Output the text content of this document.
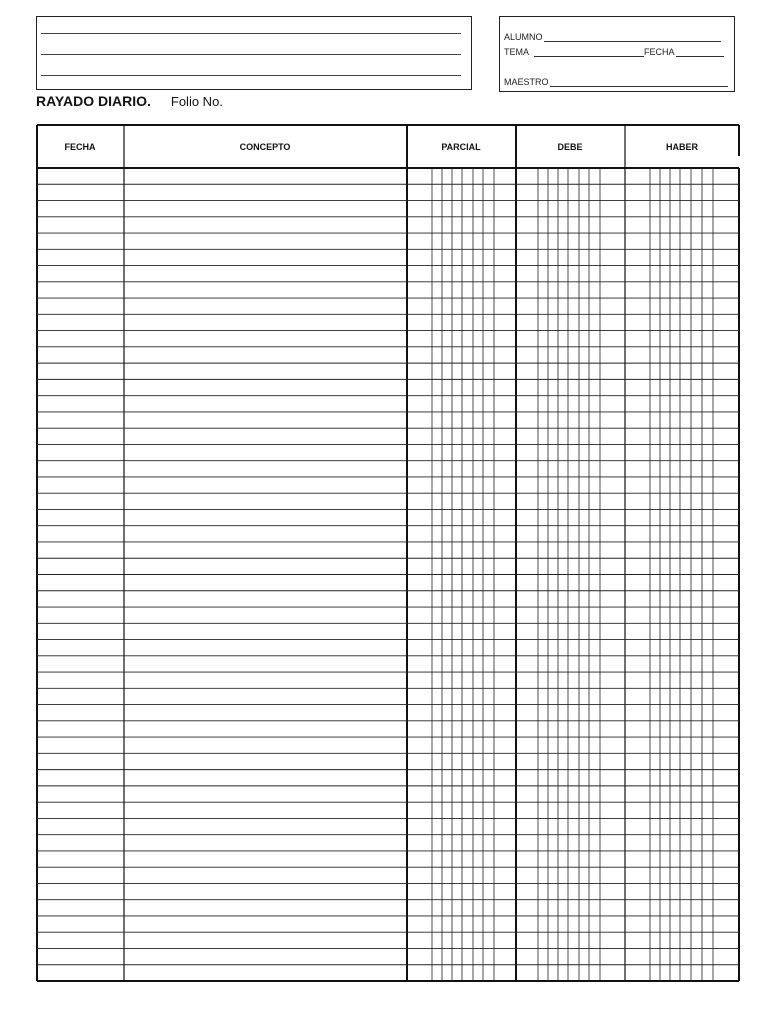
ALUMNO
TEMA	FECHA
MAESTRO
RAYADO DIARIO. Folio No.
FECHA	CONCEPTO	PARCIAL	DEBE	HABER
